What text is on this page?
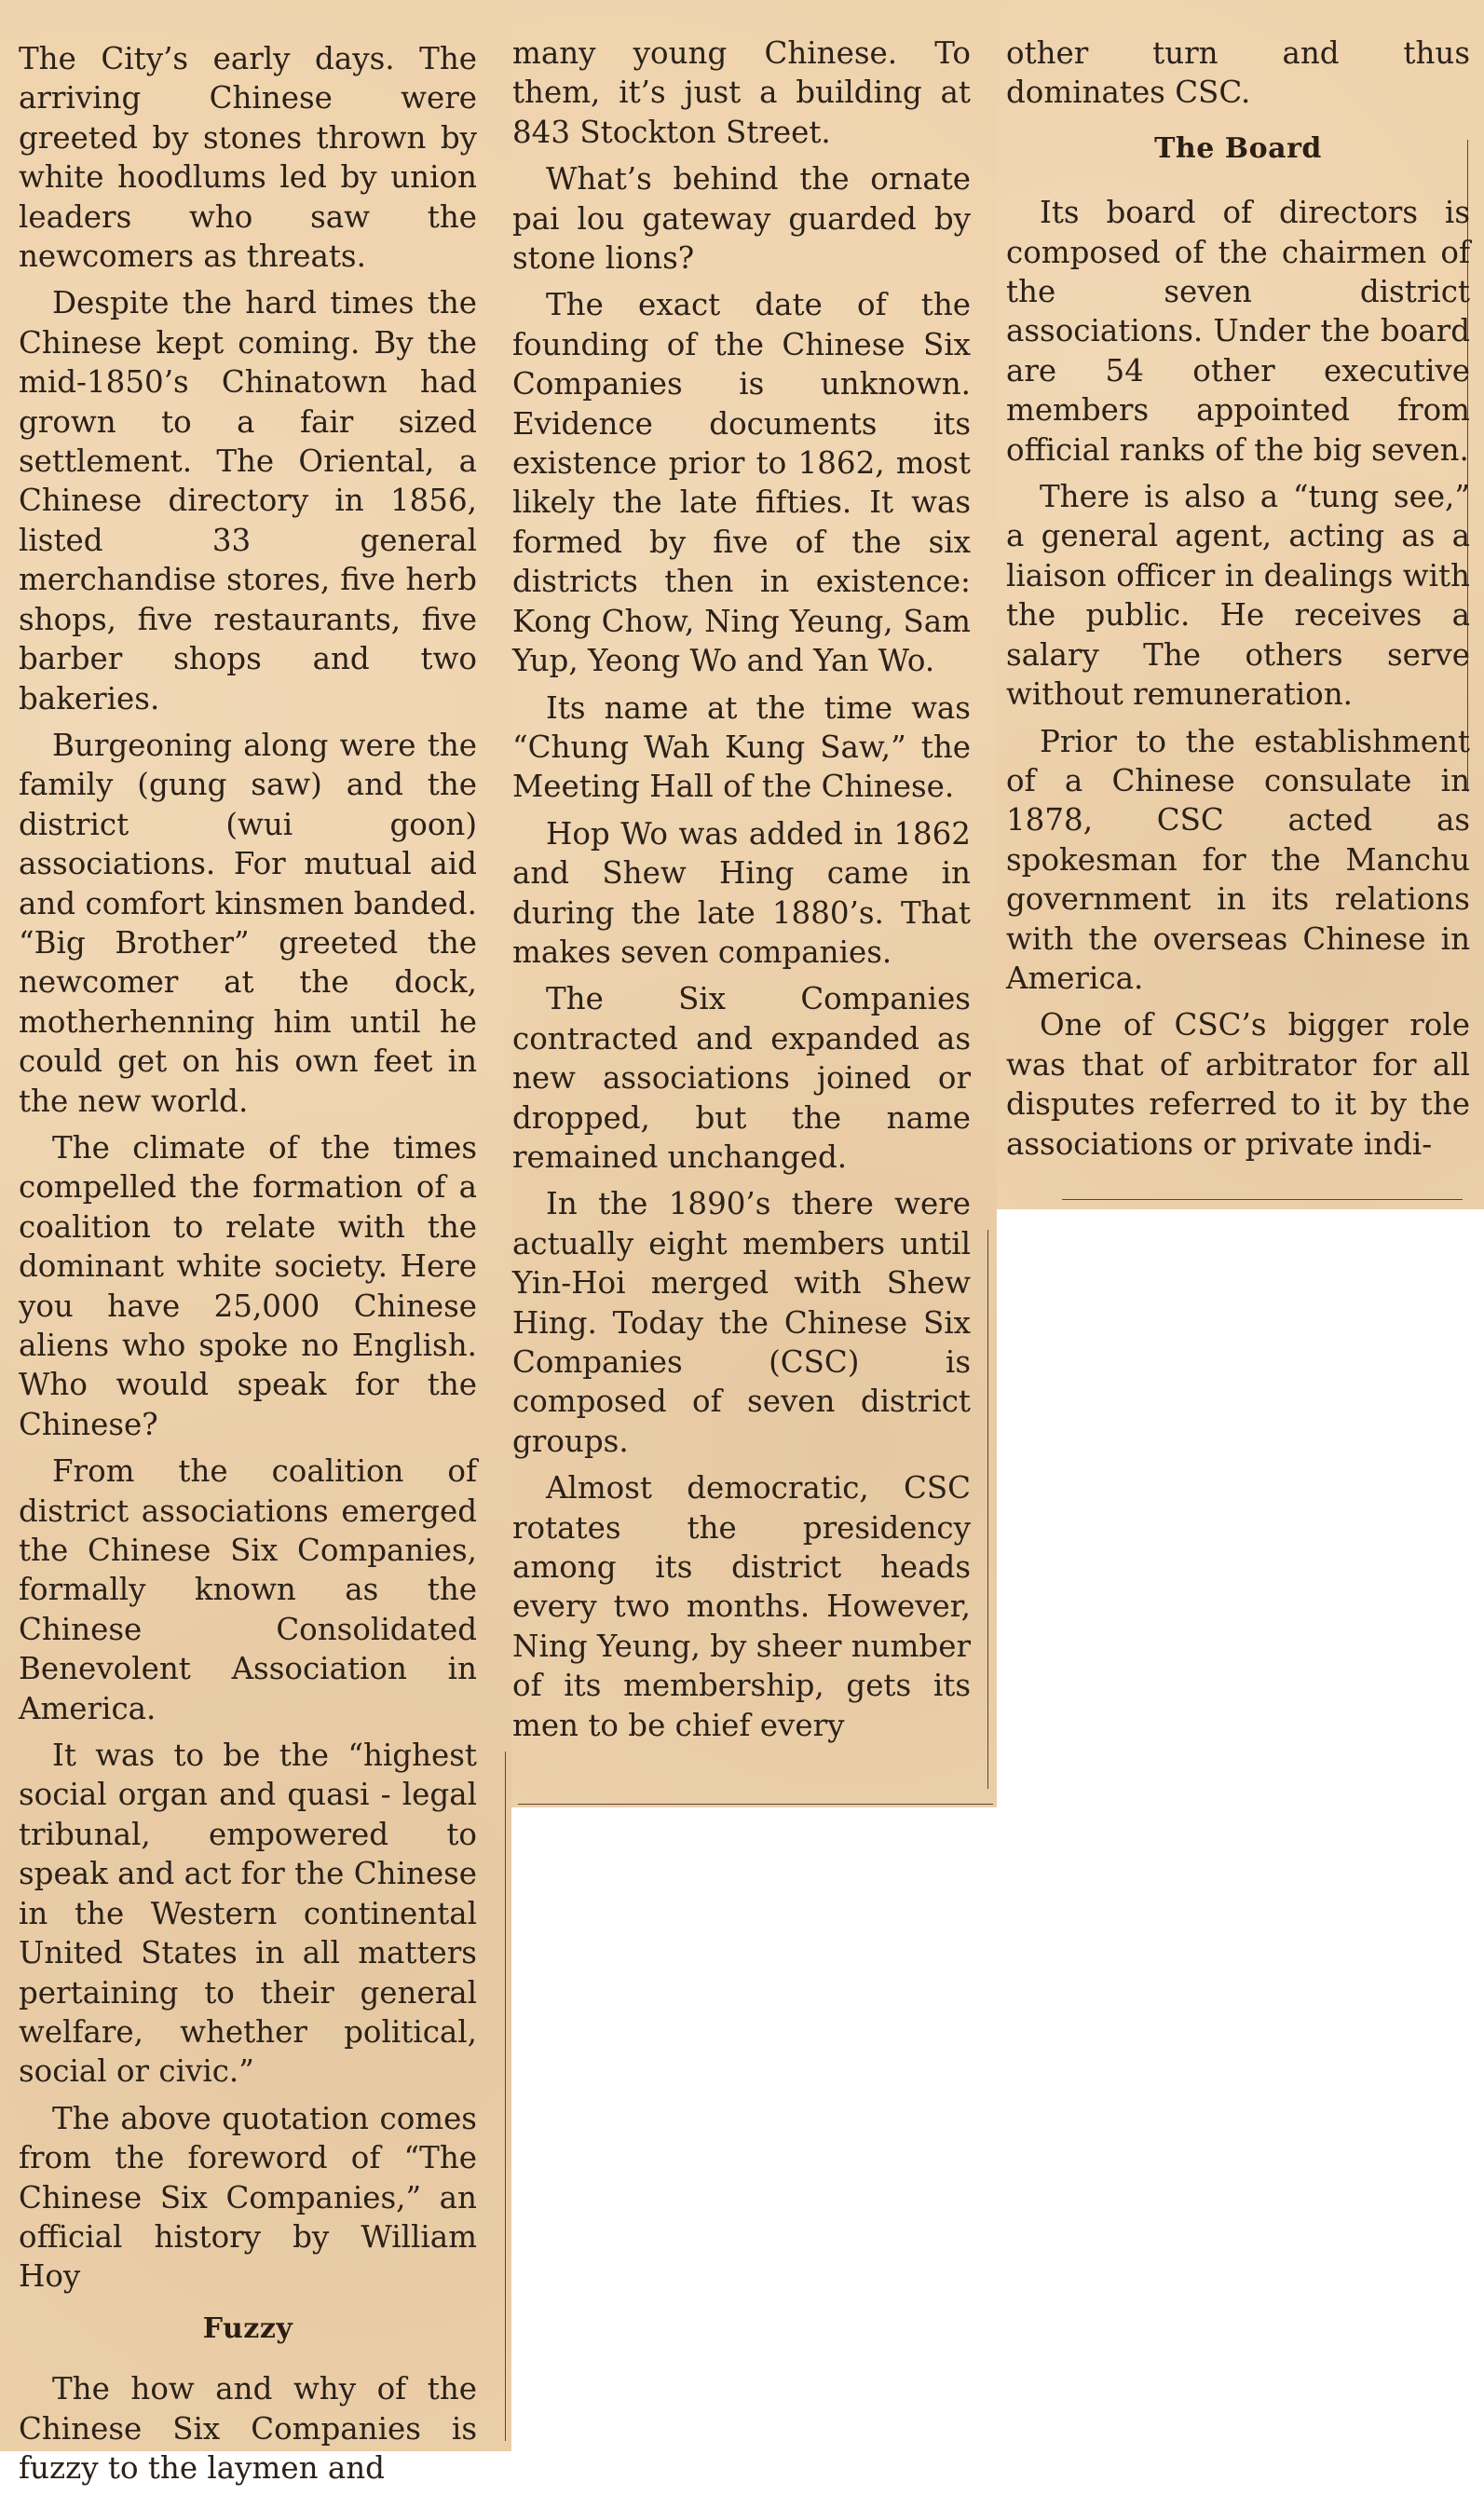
The City’s early days. The arriving Chinese were greeted by stones thrown by white hoodlums led by union leaders who saw the newcomers as threats.

Despite the hard times the Chinese kept coming. By the mid-1850’s Chinatown had grown to a fair sized settlement. The Oriental, a Chinese directory in 1856, listed 33 general merchandise stores, five herb shops, five restaurants, five barber shops and two bakeries.

Burgeoning along were the family (gung saw) and the district (wui goon) associations. For mutual aid and comfort kinsmen banded. “Big Brother” greeted the newcomer at the dock, motherhenning him until he could get on his own feet in the new world.

The climate of the times compelled the formation of a coalition to relate with the dominant white society. Here you have 25,000 Chinese aliens who spoke no English. Who would speak for the Chinese?

From the coalition of district associations emerged the Chinese Six Companies, formally known as the Chinese Consolidated Benevolent Association in America.

It was to be the “highest social organ and quasi - legal tribunal, empowered to speak and act for the Chinese in the Western continental United States in all matters pertaining to their general welfare, whether political, social or civic.”

The above quotation comes from the foreword of “The Chinese Six Companies,” an official history by William Hoy

Fuzzy

The how and why of the Chinese Six Companies is fuzzy to the laymen and

many young Chinese. To them, it’s just a building at 843 Stockton Street.

What’s behind the ornate pai lou gateway guarded by stone lions?

The exact date of the founding of the Chinese Six Companies is unknown. Evidence documents its existence prior to 1862, most likely the late fifties. It was formed by five of the six districts then in existence: Kong Chow, Ning Yeung, Sam Yup, Yeong Wo and Yan Wo.

Its name at the time was “Chung Wah Kung Saw,” the Meeting Hall of the Chinese.

Hop Wo was added in 1862 and Shew Hing came in during the late 1880’s. That makes seven companies.

The Six Companies contracted and expanded as new associations joined or dropped, but the name remained unchanged.

In the 1890’s there were actually eight members until Yin-Hoi merged with Shew Hing. Today the Chinese Six Companies (CSC) is composed of seven district groups.

Almost democratic, CSC rotates the presidency among its district heads every two months. However, Ning Yeung, by sheer number of its membership, gets its men to be chief every

other turn and thus dominates CSC.

The Board

Its board of directors is composed of the chairmen of the seven district associations. Under the board are 54 other executive members appointed from official ranks of the big seven.

There is also a “tung see,” a general agent, acting as a liaison officer in dealings with the public. He receives a salary The others serve without remuneration.

Prior to the establishment of a Chinese consulate in 1878, CSC acted as spokesman for the Manchu government in its relations with the overseas Chinese in America.

One of CSC’s bigger role was that of arbitrator for all disputes referred to it by the associations or private indi-
